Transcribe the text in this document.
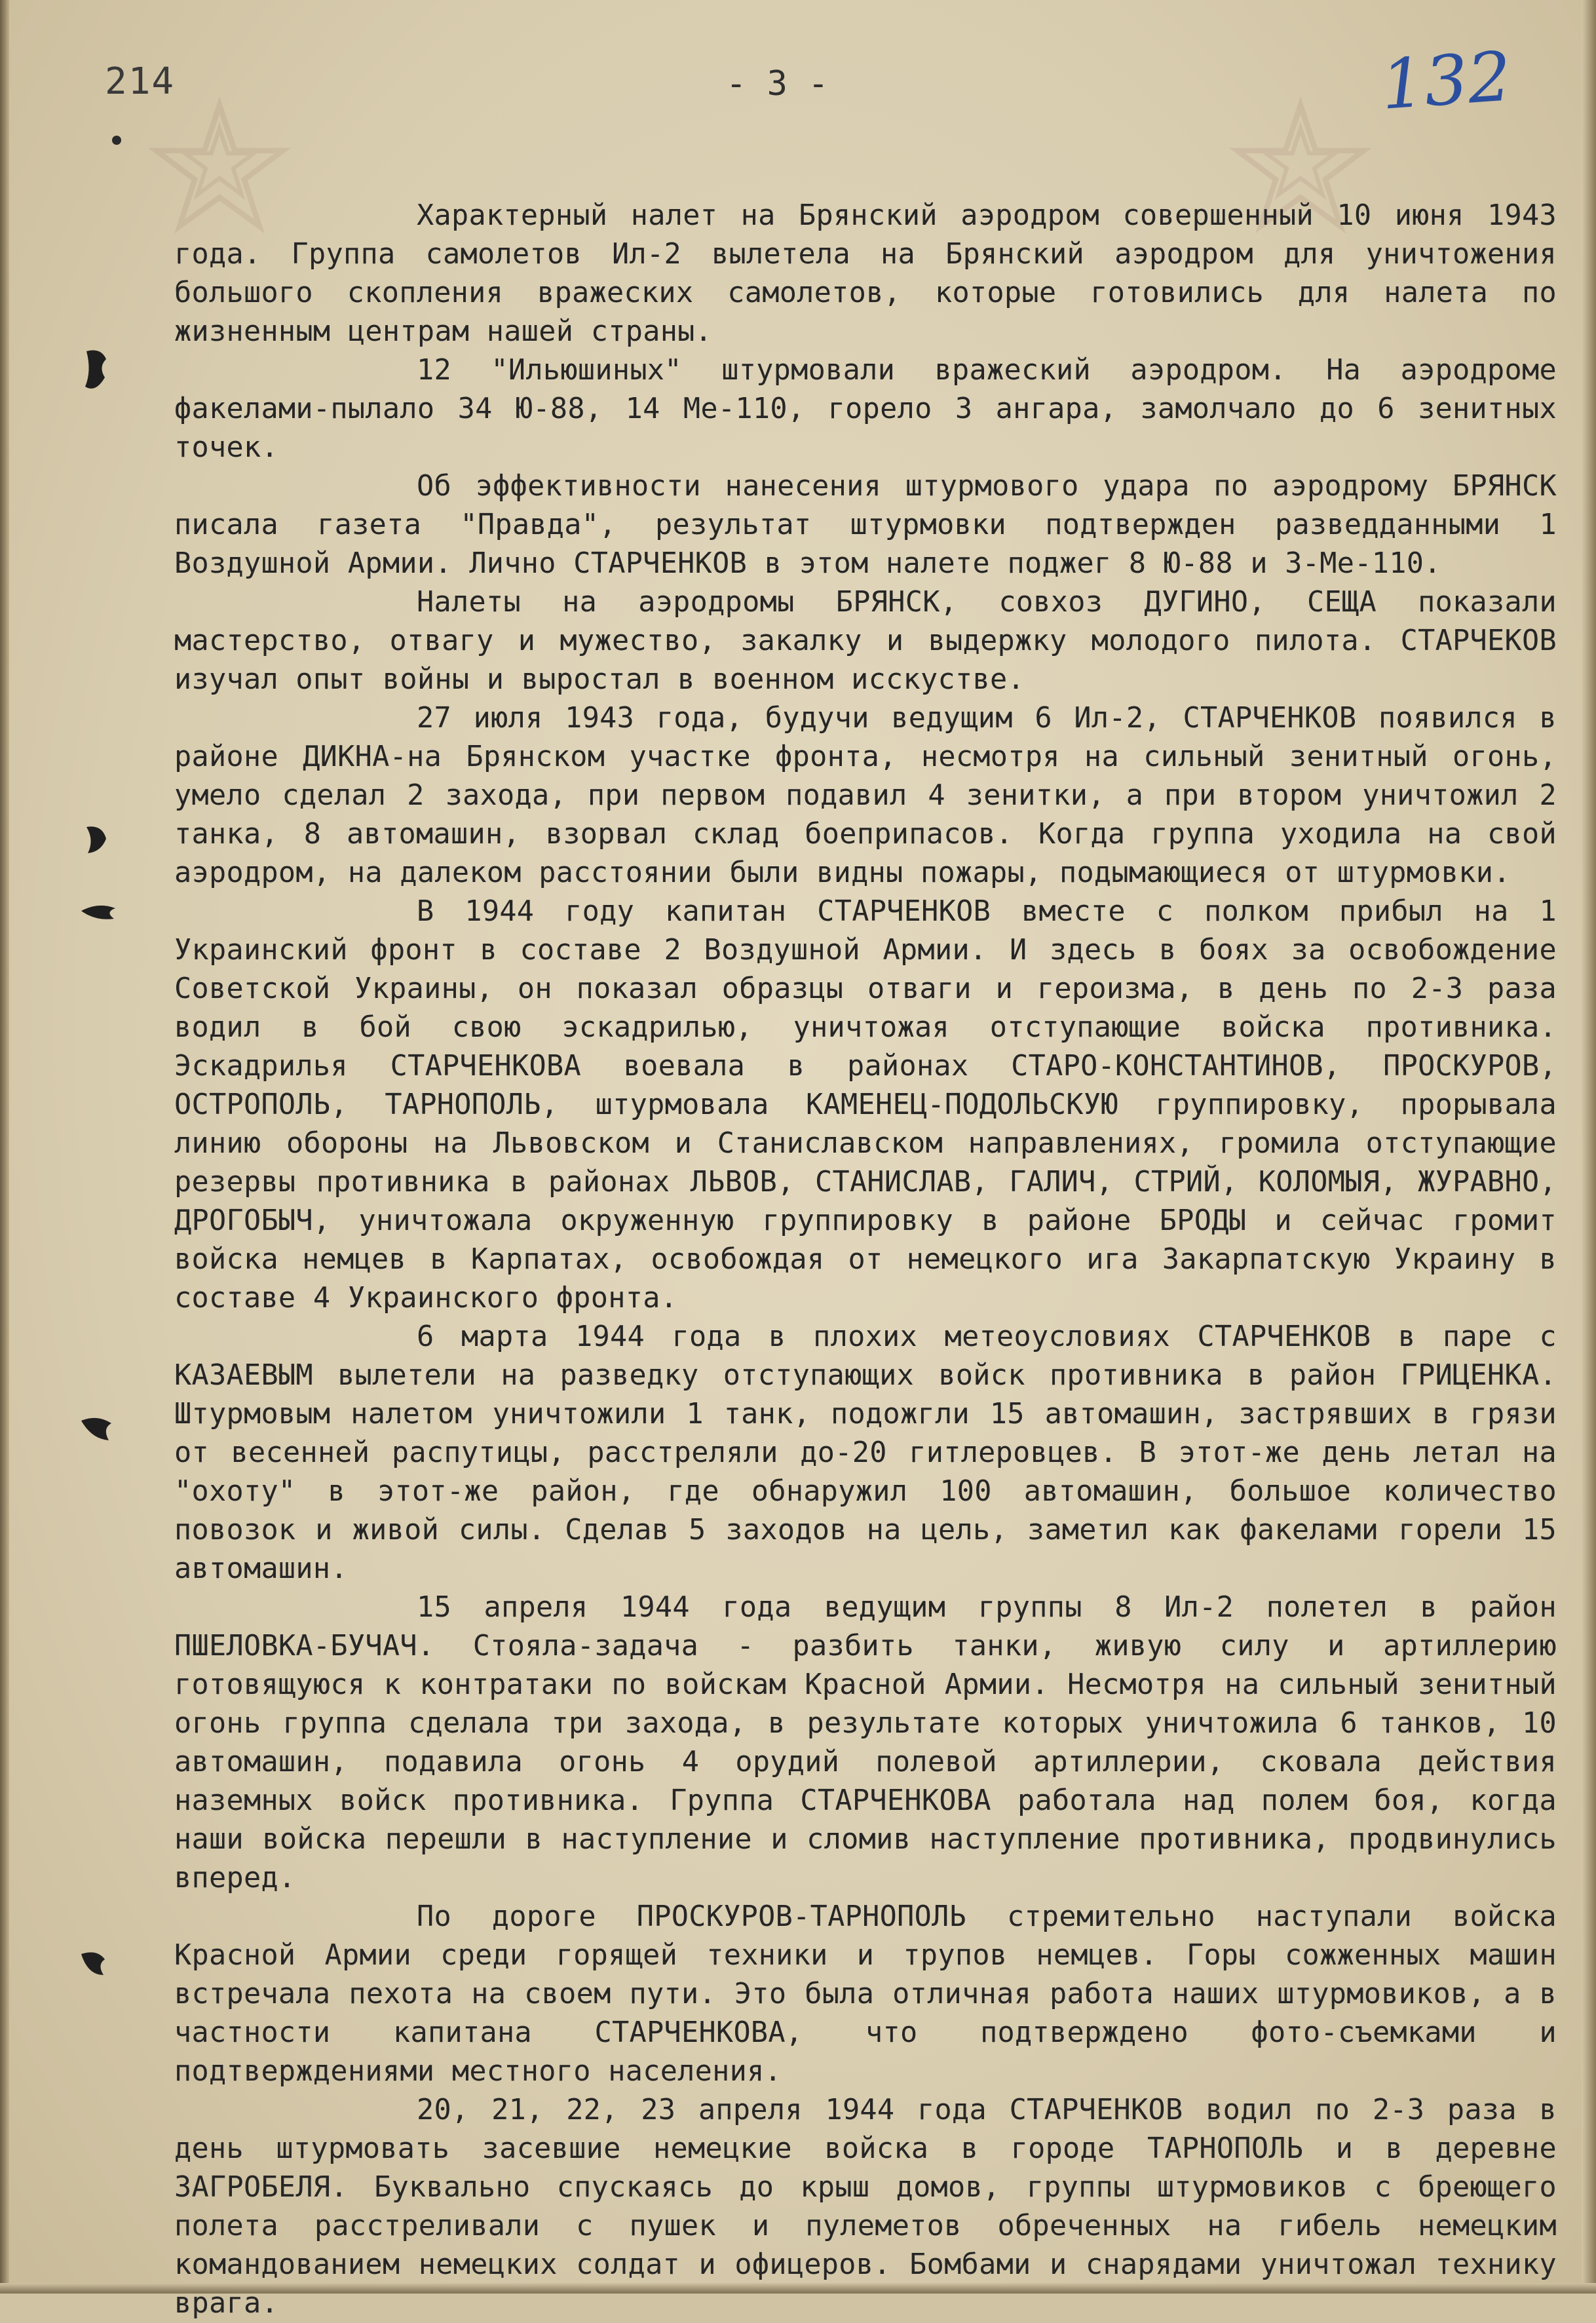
214	- 3 -	132

Характерный налет на Брянский аэродром совершенный 10 июня 1943 года. Группа самолетов Ил-2 вылетела на Брянский аэродром для уничтожения большого скопления вражеских самолетов, которые готовились для налета по жизненным центрам нашей страны.

12 "Ильюшиных" штурмовали вражеский аэродром. На аэродроме факелами-пылало 34 Ю-88, 14 Ме-110, горело 3 ангара, замолчало до 6 зенитных точек.

Об эффективности нанесения штурмового удара по аэродрому БРЯНСК писала газета "Правда", результат штурмовки подтвержден разведданными 1 Воздушной Армии. Лично СТАРЧЕНКОВ в этом налете поджег 8 Ю-88 и 3-Ме-110.

Налеты на аэродромы БРЯНСК, совхоз ДУГИНО, СЕЩА показали мастерство, отвагу и мужество, закалку и выдержку молодого пилота. СТАРЧЕКОВ изучал опыт войны и выростал в военном исскустве.

27 июля 1943 года, будучи ведущим 6 Ил-2, СТАРЧЕНКОВ появился в районе ДИКНА-на Брянском участке фронта, несмотря на сильный зенитный огонь, умело сделал 2 захода, при первом подавил 4 зенитки, а при втором уничтожил 2 танка, 8 автомашин, взорвал склад боеприпасов. Когда группа уходила на свой аэродром, на далеком расстоянии были видны пожары, подымающиеся от штурмовки.

В 1944 году капитан СТАРЧЕНКОВ вместе с полком прибыл на 1 Украинский фронт в составе 2 Воздушной Армии. И здесь в боях за освобождение Советской Украины, он показал образцы отваги и героизма, в день по 2-3 раза водил в бой свою эскадрилью, уничтожая отступающие войска противника. Эскадрилья СТАРЧЕНКОВА воевала в районах СТАРО-КОНСТАНТИНОВ, ПРОСКУРОВ, ОСТРОПОЛЬ, ТАРНОПОЛЬ, штурмовала КАМЕНЕЦ-ПОДОЛЬСКУЮ группировку, прорывала линию обороны на Львовском и Станиславском направлениях, громила отступающие резервы противника в районах ЛЬВОВ, СТАНИСЛАВ, ГАЛИЧ, СТРИЙ, КОЛОМЫЯ, ЖУРАВНО, ДРОГОБЫЧ, уничтожала окруженную группировку в районе БРОДЫ и сейчас громит войска немцев в Карпатах, освобождая от немецкого ига Закарпатскую Украину в составе 4 Украинского фронта.

6 марта 1944 года в плохих метеоусловиях СТАРЧЕНКОВ в паре с КАЗАЕВЫМ вылетели на разведку отступающих войск противника в район ГРИЦЕНКА. Штурмовым налетом уничтожили 1 танк, подожгли 15 автомашин, застрявших в грязи от весенней распутицы, расстреляли до-20 гитлеровцев. В этот-же день летал на "охоту" в этот-же район, где обнаружил 100 автомашин, большое количество повозок и живой силы. Сделав 5 заходов на цель, заметил как факелами горели 15 автомашин.

15 апреля 1944 года ведущим группы 8 Ил-2 полетел в район ПШЕЛОВКА-БУЧАЧ. Стояла-задача - разбить танки, живую силу и артиллерию готовящуюся к контратаки по войскам Красной Армии. Несмотря на сильный зенитный огонь группа сделала три захода, в результате которых уничтожила 6 танков, 10 автомашин, подавила огонь 4 орудий полевой артиллерии, сковала действия наземных войск противника. Группа СТАРЧЕНКОВА работала над полем боя, когда наши войска перешли в наступление и сломив наступление противника, продвинулись вперед.

По дороге ПРОСКУРОВ-ТАРНОПОЛЬ стремительно наступали войска Красной Армии среди горящей техники и трупов немцев. Горы сожженных машин встречала пехота на своем пути. Это была отличная работа наших штурмовиков, а в частности капитана СТАРЧЕНКОВА, что подтверждено фото-съемками и подтверждениями местного населения.

20, 21, 22, 23 апреля 1944 года СТАРЧЕНКОВ водил по 2-3 раза в день штурмовать засевшие немецкие войска в городе ТАРНОПОЛЬ и в деревне ЗАГРОБЕЛЯ. Буквально спускаясь до крыш домов, группы штурмовиков с бреющего полета расстреливали с пушек и пулеметов обреченных на гибель немецким командованием немецких солдат и офицеров. Бомбами и снарядами уничтожал технику врага.
